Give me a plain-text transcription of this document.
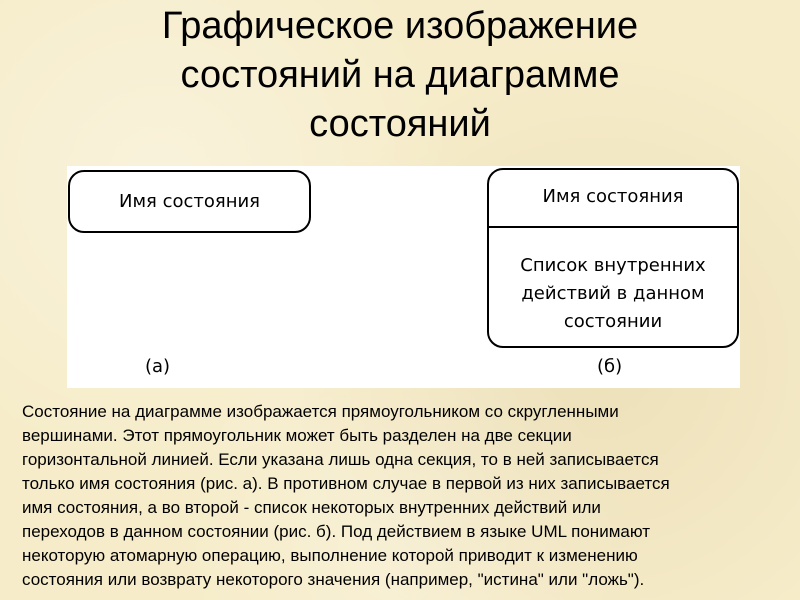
Графическое изображение
состояний на диаграмме
состояний
Имя состояния	Имя состояния
Список внутренних
действий в данном
состоянии
(а)	(б)

Состояние на диаграмме изображается прямоугольником со скругленными
вершинами. Этот прямоугольник может быть разделен на две секции
горизонтальной линией. Если указана лишь одна секция, то в ней записывается
только имя состояния (рис. а). В противном случае в первой из них записывается
имя состояния, а во второй - список некоторых внутренних действий или
переходов в данном состоянии (рис. б). Под действием в языке UML понимают
некоторую атомарную операцию, выполнение которой приводит к изменению
состояния или возврату некоторого значения (например, "истина" или "ложь").
